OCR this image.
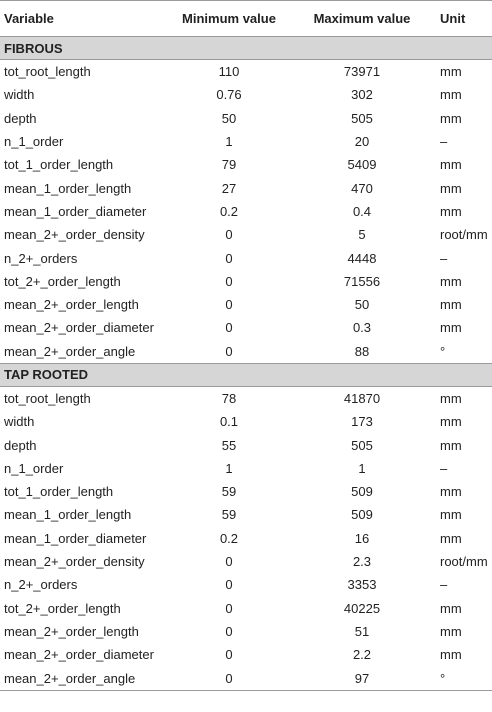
Variable	Minimum value	Maximum value	Unit
FIBROUS			
tot_root_length	110	73971	mm
width	0.76	302	mm
depth	50	505	mm
n_1_order	1	20	–
tot_1_order_length	79	5409	mm
mean_1_order_length	27	470	mm
mean_1_order_diameter	0.2	0.4	mm
mean_2+_order_density	0	5	root/mm
n_2+_orders	0	4448	–
tot_2+_order_length	0	71556	mm
mean_2+_order_length	0	50	mm
mean_2+_order_diameter	0	0.3	mm
mean_2+_order_angle	0	88	°
TAP ROOTED			
tot_root_length	78	41870	mm
width	0.1	173	mm
depth	55	505	mm
n_1_order	1	1	–
tot_1_order_length	59	509	mm
mean_1_order_length	59	509	mm
mean_1_order_diameter	0.2	16	mm
mean_2+_order_density	0	2.3	root/mm
n_2+_orders	0	3353	–
tot_2+_order_length	0	40225	mm
mean_2+_order_length	0	51	mm
mean_2+_order_diameter	0	2.2	mm
mean_2+_order_angle	0	97	°
